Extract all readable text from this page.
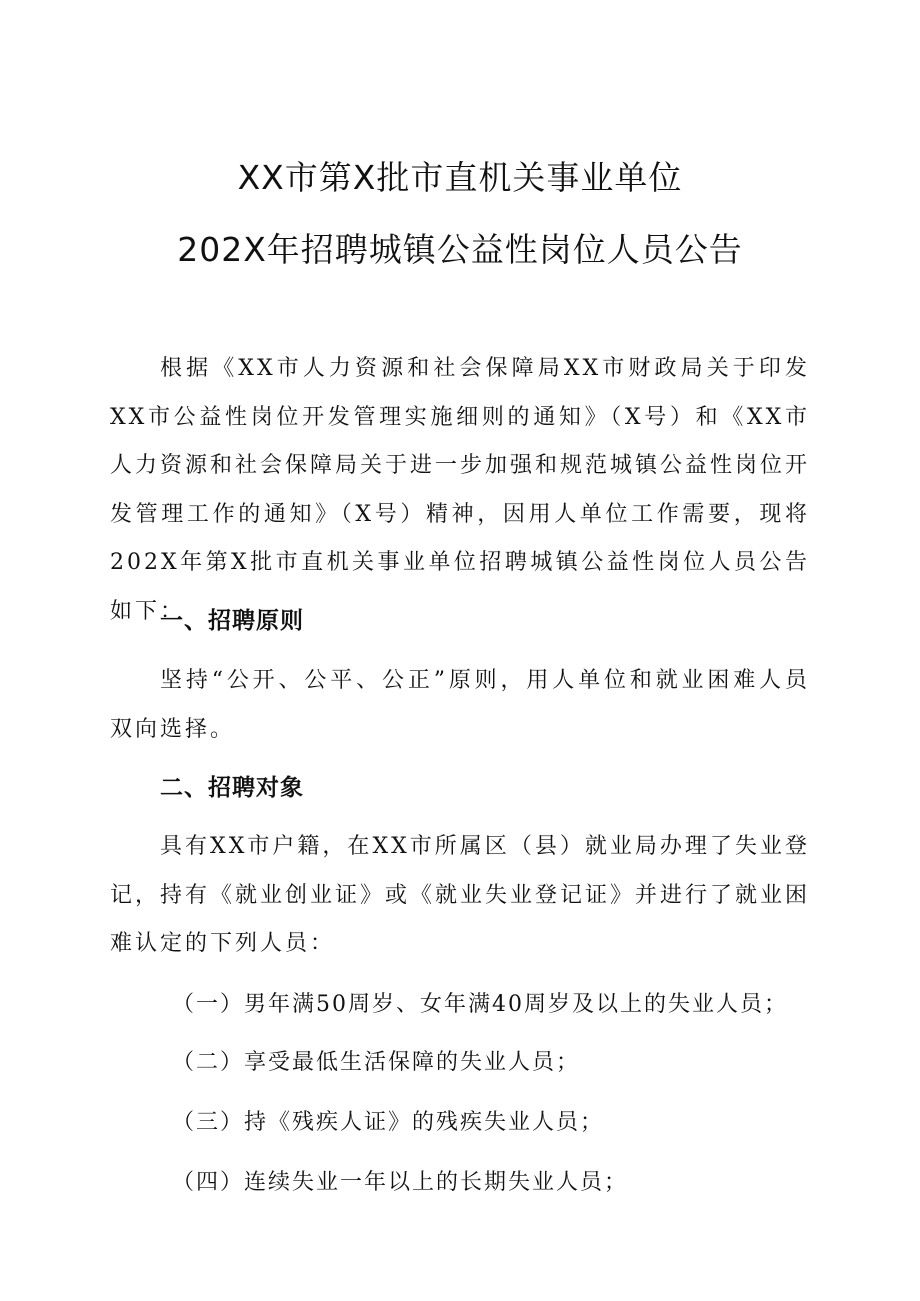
XX市第X批市直机关事业单位
202X年招聘城镇公益性岗位人员公告

根据《XX市人力资源和社会保障局XX市财政局关于印发XX市公益性岗位开发管理实施细则的通知》（X号）和《XX市人力资源和社会保障局关于进一步加强和规范城镇公益性岗位开发管理工作的通知》（X号）精神，因用人单位工作需要，现将202X年第X批市直机关事业单位招聘城镇公益性岗位人员公告如下：

一、招聘原则

坚持“公开、公平、公正”原则，用人单位和就业困难人员双向选择。

二、招聘对象

具有XX市户籍，在XX市所属区（县）就业局办理了失业登记，持有《就业创业证》或《就业失业登记证》并进行了就业困难认定的下列人员：

（一）男年满50周岁、女年满40周岁及以上的失业人员；

（二）享受最低生活保障的失业人员；

（三）持《残疾人证》的残疾失业人员；

（四）连续失业一年以上的长期失业人员；
